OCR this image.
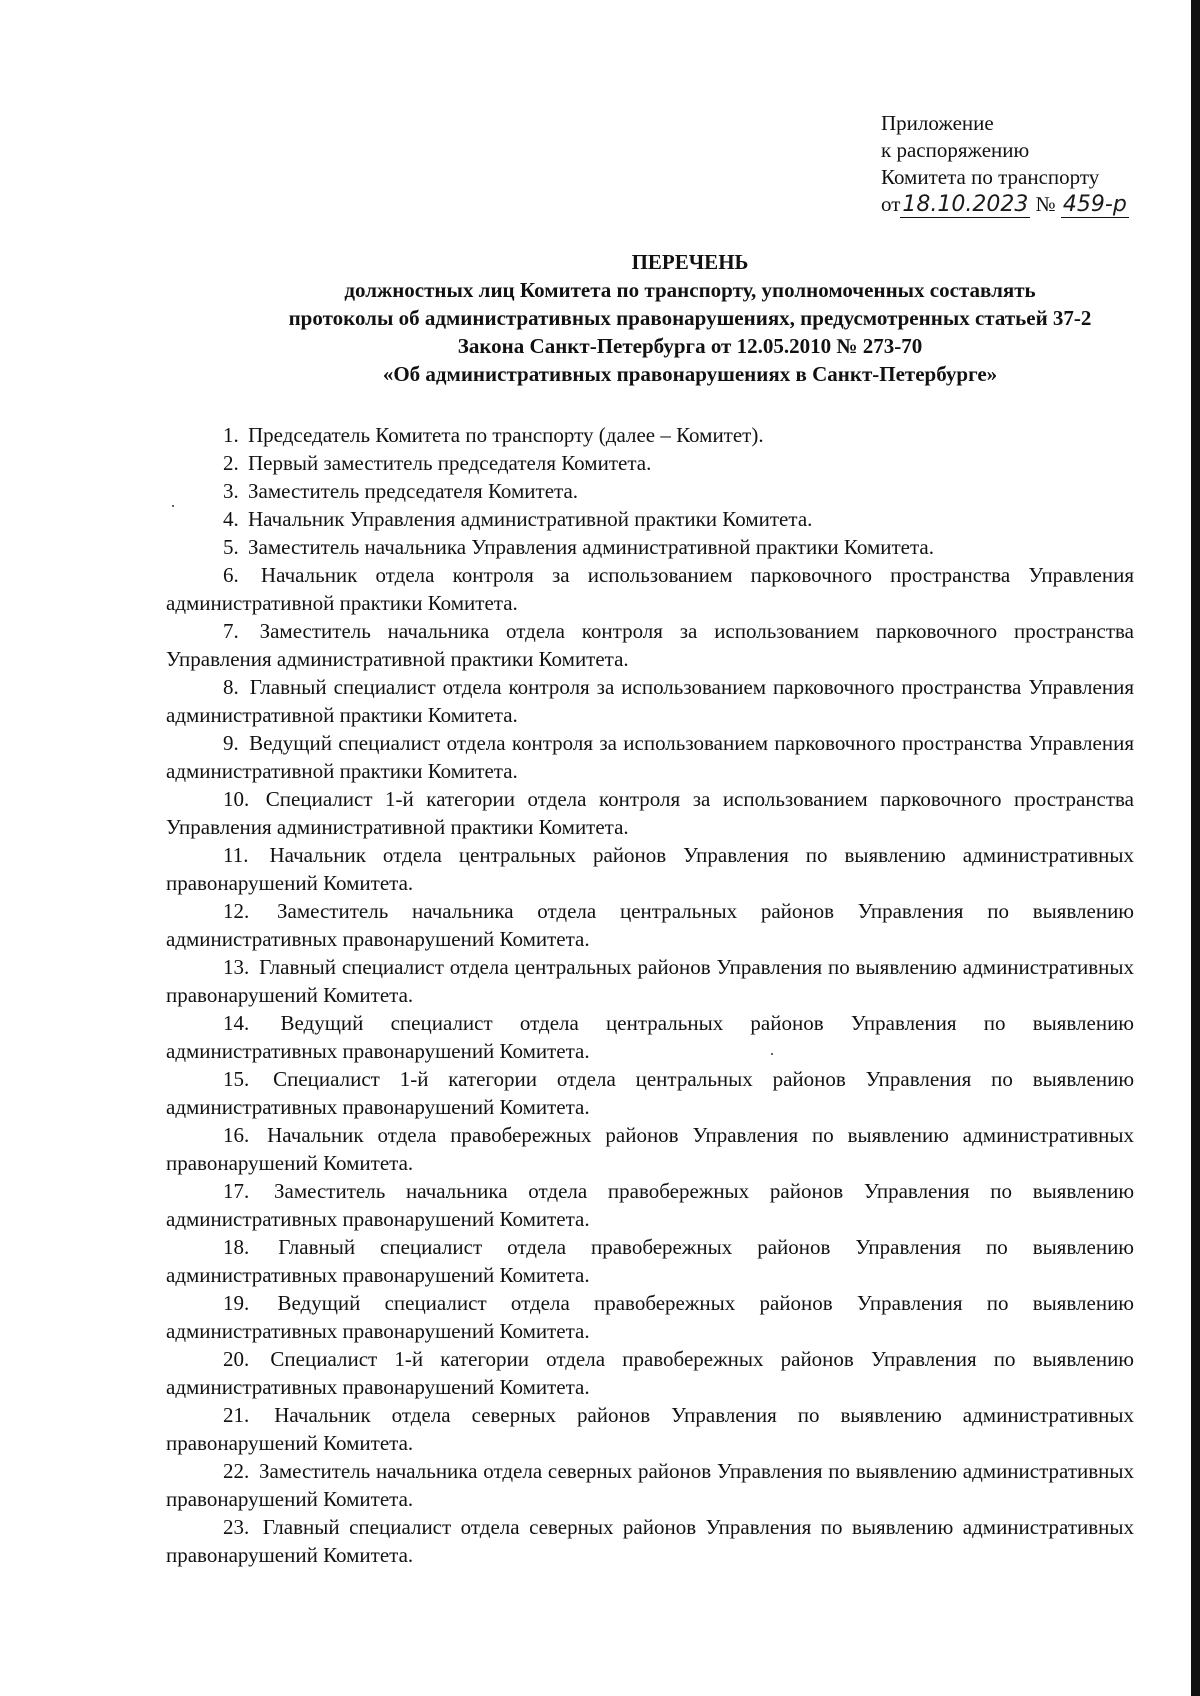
Приложение
к распоряжению
Комитета по транспорту
от18.10.2023 № 459-р
ПЕРЕЧЕНЬ
должностных лиц Комитета по транспорту, уполномоченных составлять
протоколы об административных правонарушениях, предусмотренных статьей 37-2
Закона Санкт-Петербурга от 12.05.2010 № 273-70
«Об административных правонарушениях в Санкт-Петербурге»

1. Председатель Комитета по транспорту (далее – Комитет).

2. Первый заместитель председателя Комитета.

3. Заместитель председателя Комитета.

4. Начальник Управления административной практики Комитета.

5. Заместитель начальника Управления административной практики Комитета.

6. Начальник отдела контроля за использованием парковочного пространства Управления административной практики Комитета.

7. Заместитель начальника отдела контроля за использованием парковочного пространства Управления административной практики Комитета.

8. Главный специалист отдела контроля за использованием парковочного пространства Управления административной практики Комитета.

9. Ведущий специалист отдела контроля за использованием парковочного пространства Управления административной практики Комитета.

10. Специалист 1-й категории отдела контроля за использованием парковочного пространства Управления административной практики Комитета.

11. Начальник отдела центральных районов Управления по выявлению административных правонарушений Комитета.

12. Заместитель начальника отдела центральных районов Управления по выявлению административных правонарушений Комитета.

13. Главный специалист отдела центральных районов Управления по выявлению административных правонарушений Комитета.

14. Ведущий специалист отдела центральных районов Управления по выявлению административных правонарушений Комитета.

15. Специалист 1-й категории отдела центральных районов Управления по выявлению административных правонарушений Комитета.

16. Начальник отдела правобережных районов Управления по выявлению административных правонарушений Комитета.

17. Заместитель начальника отдела правобережных районов Управления по выявлению административных правонарушений Комитета.

18. Главный специалист отдела правобережных районов Управления по выявлению административных правонарушений Комитета.

19. Ведущий специалист отдела правобережных районов Управления по выявлению административных правонарушений Комитета.

20. Специалист 1-й категории отдела правобережных районов Управления по выявлению административных правонарушений Комитета.

21. Начальник отдела северных районов Управления по выявлению административных правонарушений Комитета.

22. Заместитель начальника отдела северных районов Управления по выявлению административных правонарушений Комитета.

23. Главный специалист отдела северных районов Управления по выявлению административных правонарушений Комитета.
